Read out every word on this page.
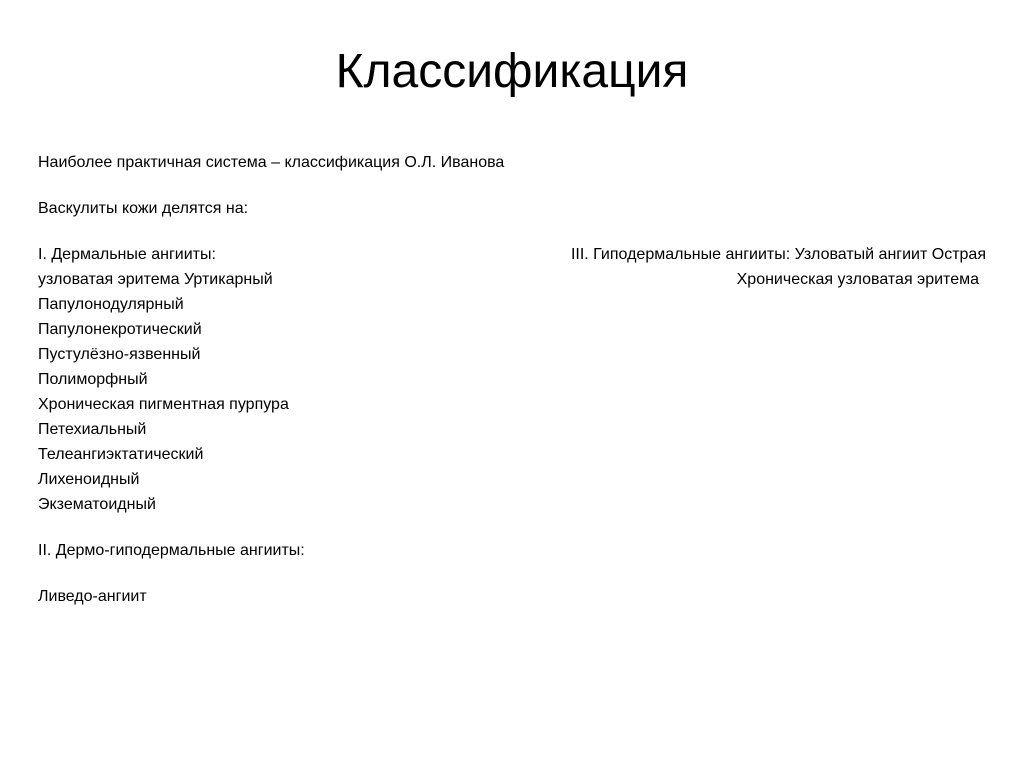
Классификация
Наиболее практичная система – классификация О.Л. Иванова
Васкулиты кожи делятся на:
I. Дермальные ангииты:	III. Гиподермальные ангииты: Узловатый ангиит Острая
узловатая эритема Уртикарный	Хроническая узловатая эритема
Папулонодулярный
Папулонекротический
Пустулёзно-язвенный
Полиморфный
Хроническая пигментная пурпура
Петехиальный
Телеангиэктатический
Лихеноидный
Экзематоидный
II. Дермо-гиподермальные ангииты:
Ливедо-ангиит
